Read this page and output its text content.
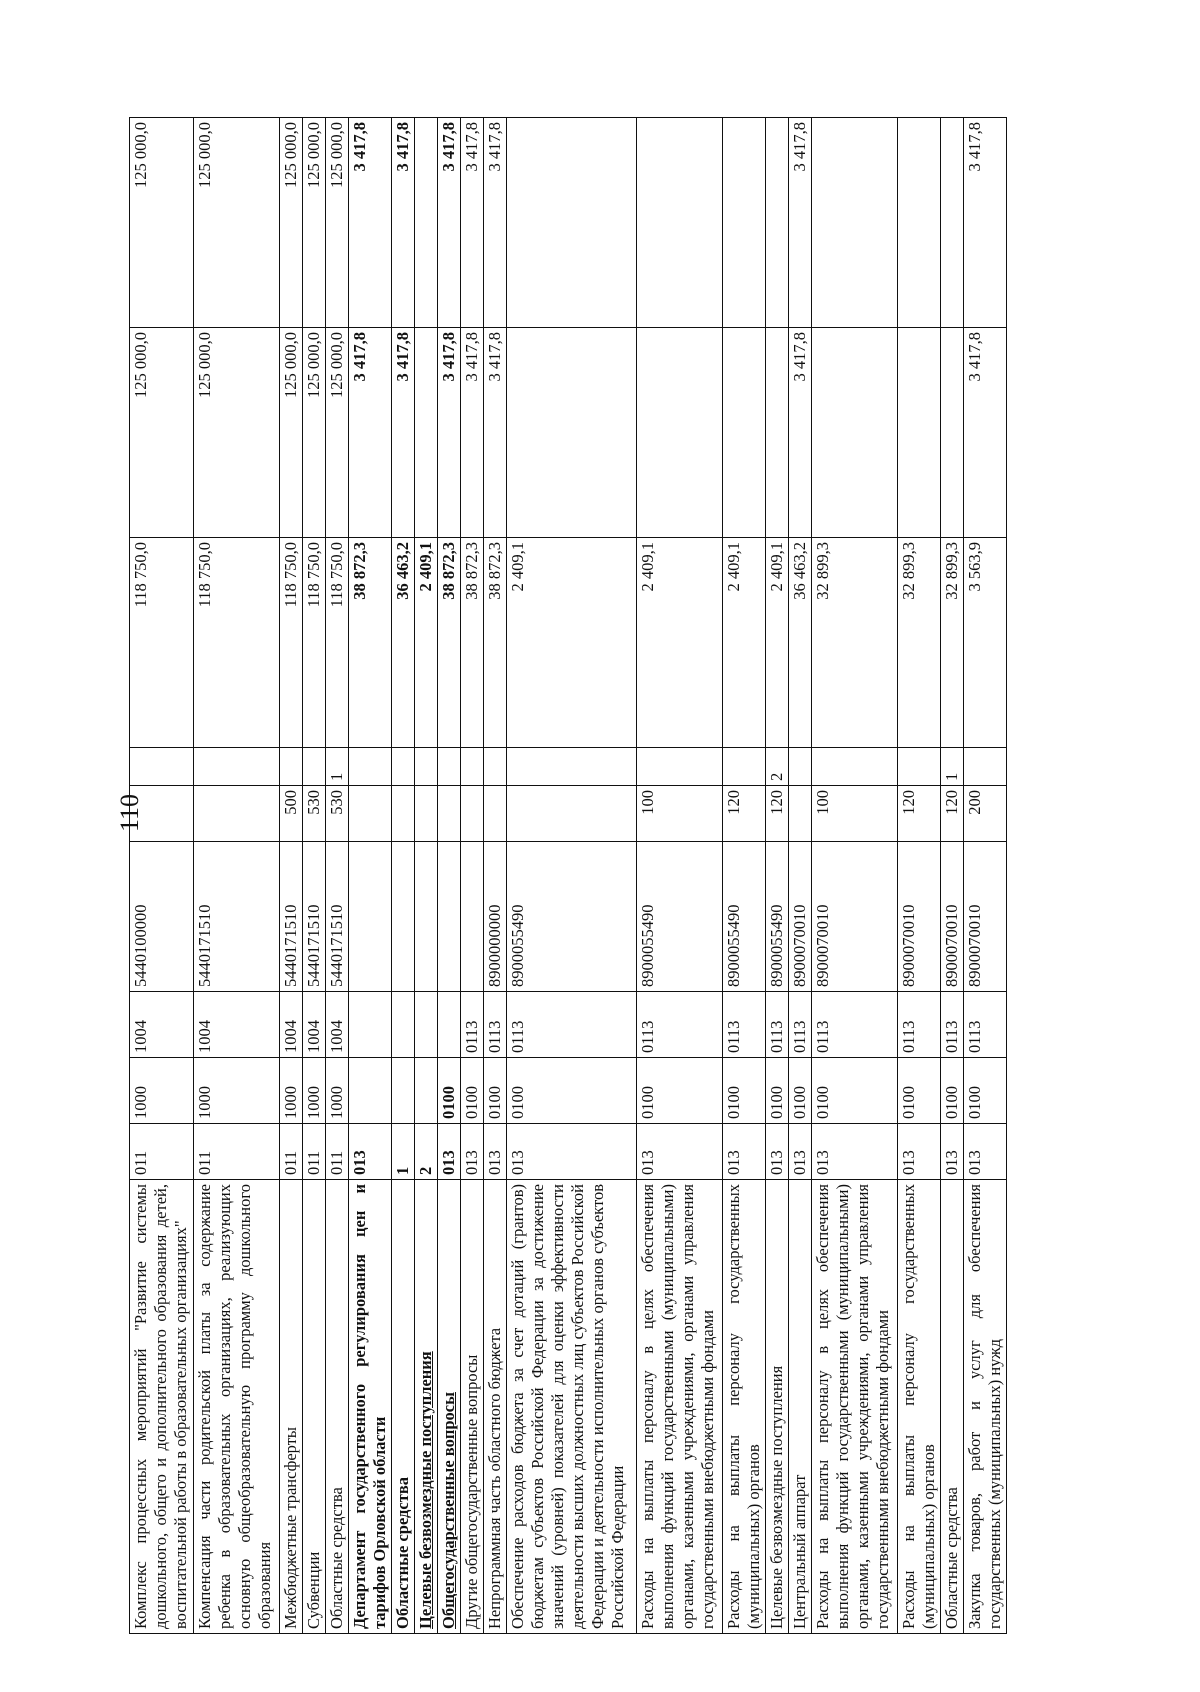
110
Комплекс процессных мероприятий "Развитие системы дошкольного, общего и дополнительного образования детей, воспитательной работы в образовательных организациях"	011	1000	1004	5440100000			118 750,0	125 000,0	125 000,0
Компенсация части родительской платы за содержание ребенка в образовательных организациях, реализующих основную общеобразовательную программу дошкольного образования	011	1000	1004	5440171510			118 750,0	125 000,0	125 000,0
Межбюджетные трансферты	011	1000	1004	5440171510	500		118 750,0	125 000,0	125 000,0
Субвенции	011	1000	1004	5440171510	530		118 750,0	125 000,0	125 000,0
Областные средства	011	1000	1004	5440171510	530	1	118 750,0	125 000,0	125 000,0
Департамент государственного регулирования цен и тарифов Орловской области	013						38 872,3	3 417,8	3 417,8
Областные средства	1						36 463,2	3 417,8	3 417,8
Целевые безвозмездные поступления	2						2 409,1		
Общегосударственные вопросы	013	0100					38 872,3	3 417,8	3 417,8
Другие общегосударственные вопросы	013	0100	0113				38 872,3	3 417,8	3 417,8
Непрограммная часть областного бюджета	013	0100	0113	8900000000			38 872,3	3 417,8	3 417,8
Обеспечение расходов бюджета за счет дотаций (грантов) бюджетам субъектов Российской Федерации за достижение значений (уровней) показателей для оценки эффективности деятельности высших должностных лиц субъектов Российской Федерации и деятельности исполнительных органов субъектов Российской Федерации	013	0100	0113	8900055490			2 409,1		
Расходы на выплаты персоналу в целях обеспечения выполнения функций государственными (муниципальными) органами, казенными учреждениями, органами управления государственными внебюджетными фондами	013	0100	0113	8900055490	100		2 409,1		
Расходы на выплаты персоналу государственных (муниципальных) органов	013	0100	0113	8900055490	120		2 409,1		
Целевые безвозмездные поступления	013	0100	0113	8900055490	120	2	2 409,1		
Центральный аппарат	013	0100	0113	8900070010			36 463,2	3 417,8	3 417,8
Расходы на выплаты персоналу в целях обеспечения выполнения функций государственными (муниципальными) органами, казенными учреждениями, органами управления государственными внебюджетными фондами	013	0100	0113	8900070010	100		32 899,3		
Расходы на выплаты персоналу государственных (муниципальных) органов	013	0100	0113	8900070010	120		32 899,3		
Областные средства	013	0100	0113	8900070010	120	1	32 899,3		
Закупка товаров, работ и услуг для обеспечения государственных (муниципальных) нужд	013	0100	0113	8900070010	200		3 563,9	3 417,8	3 417,8
